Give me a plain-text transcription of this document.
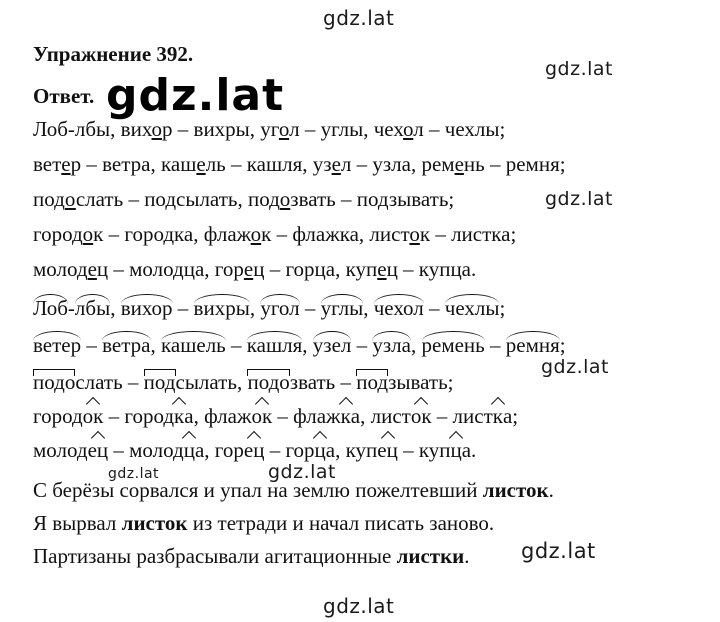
gdz.lat
gdz.lat
gdz.lat
gdz.lat
gdz.lat
gdz.lat	gdz.lat
gdz.lat
gdz.lat
Упражнение 392.
Ответ.
Лоб-лбы, вихор – вихры, угол – углы, чехол – чехлы;
ветер – ветра, кашель – кашля, узел – узла, ремень – ремня;
подослать – подсылать, подозвать – подзывать;
городок – городка, флажок – флажка, листок – листка;
молодец – молодца, горец – горца, купец – купца.
Лоб-лбы, вихор – вихры, угол – углы, чехол – чехлы;
ветер – ветра, кашель – кашля, узел – узла, ремень – ремня;
подослать – подсылать, подозвать – подзывать;
городок – городка, флажок – флажка, листок – листка;
молодец – молодца, горец – горца, купец – купца.
С берёзы сорвался и упал на землю пожелтевший листок.
Я вырвал листок из тетради и начал писать заново.
Партизаны разбрасывали агитационные листки.
